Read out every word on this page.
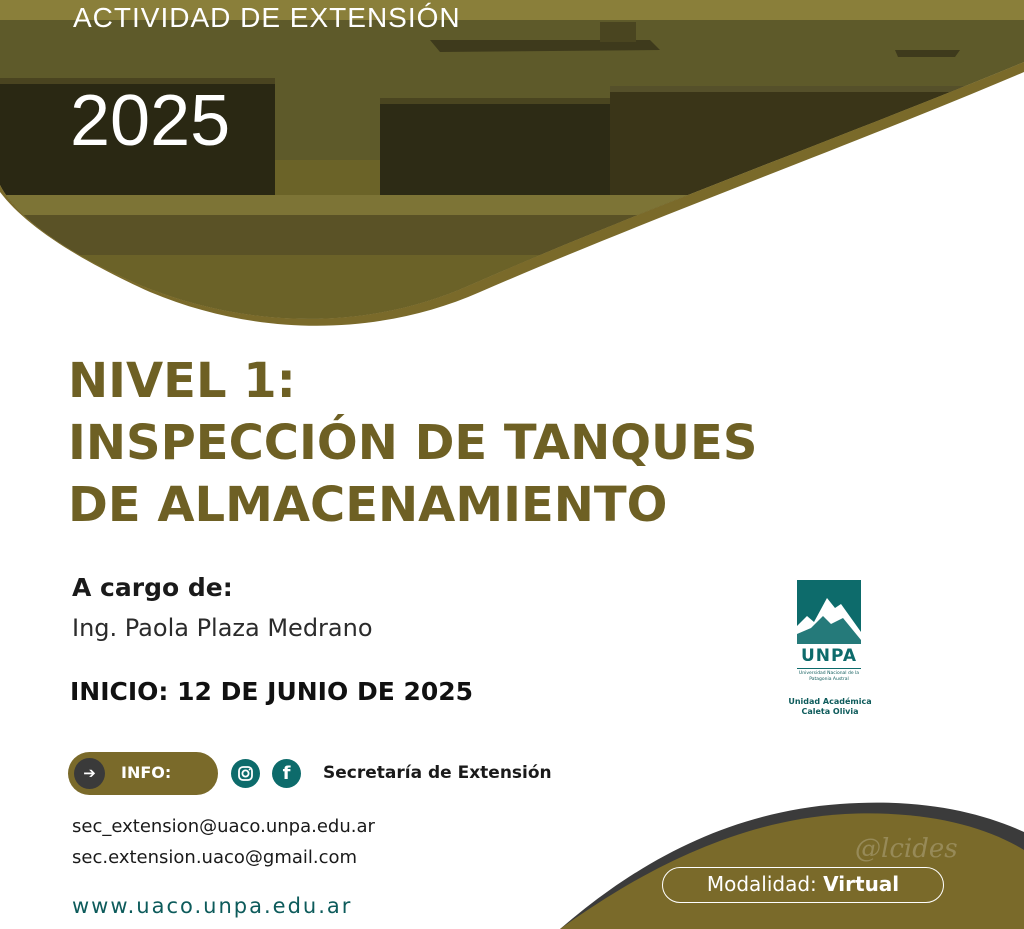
ACTIVIDAD DE EXTENSIÓN
2025
NIVEL 1:
INSPECCIÓN DE TANQUES
DE ALMACENAMIENTO
A cargo de:
Ing. Paola Plaza Medrano
INICIO: 12 DE JUNIO DE 2025
➔	INFO:	f	Secretaría de Extensión
sec_extension@uaco.unpa.edu.ar
sec.extension.uaco@gmail.com
www.uaco.unpa.edu.ar
UNPA
Universidad Nacional de la Patagonia Austral
Unidad Académica
Caleta Olivia
@lcides
Modalidad: Virtual
